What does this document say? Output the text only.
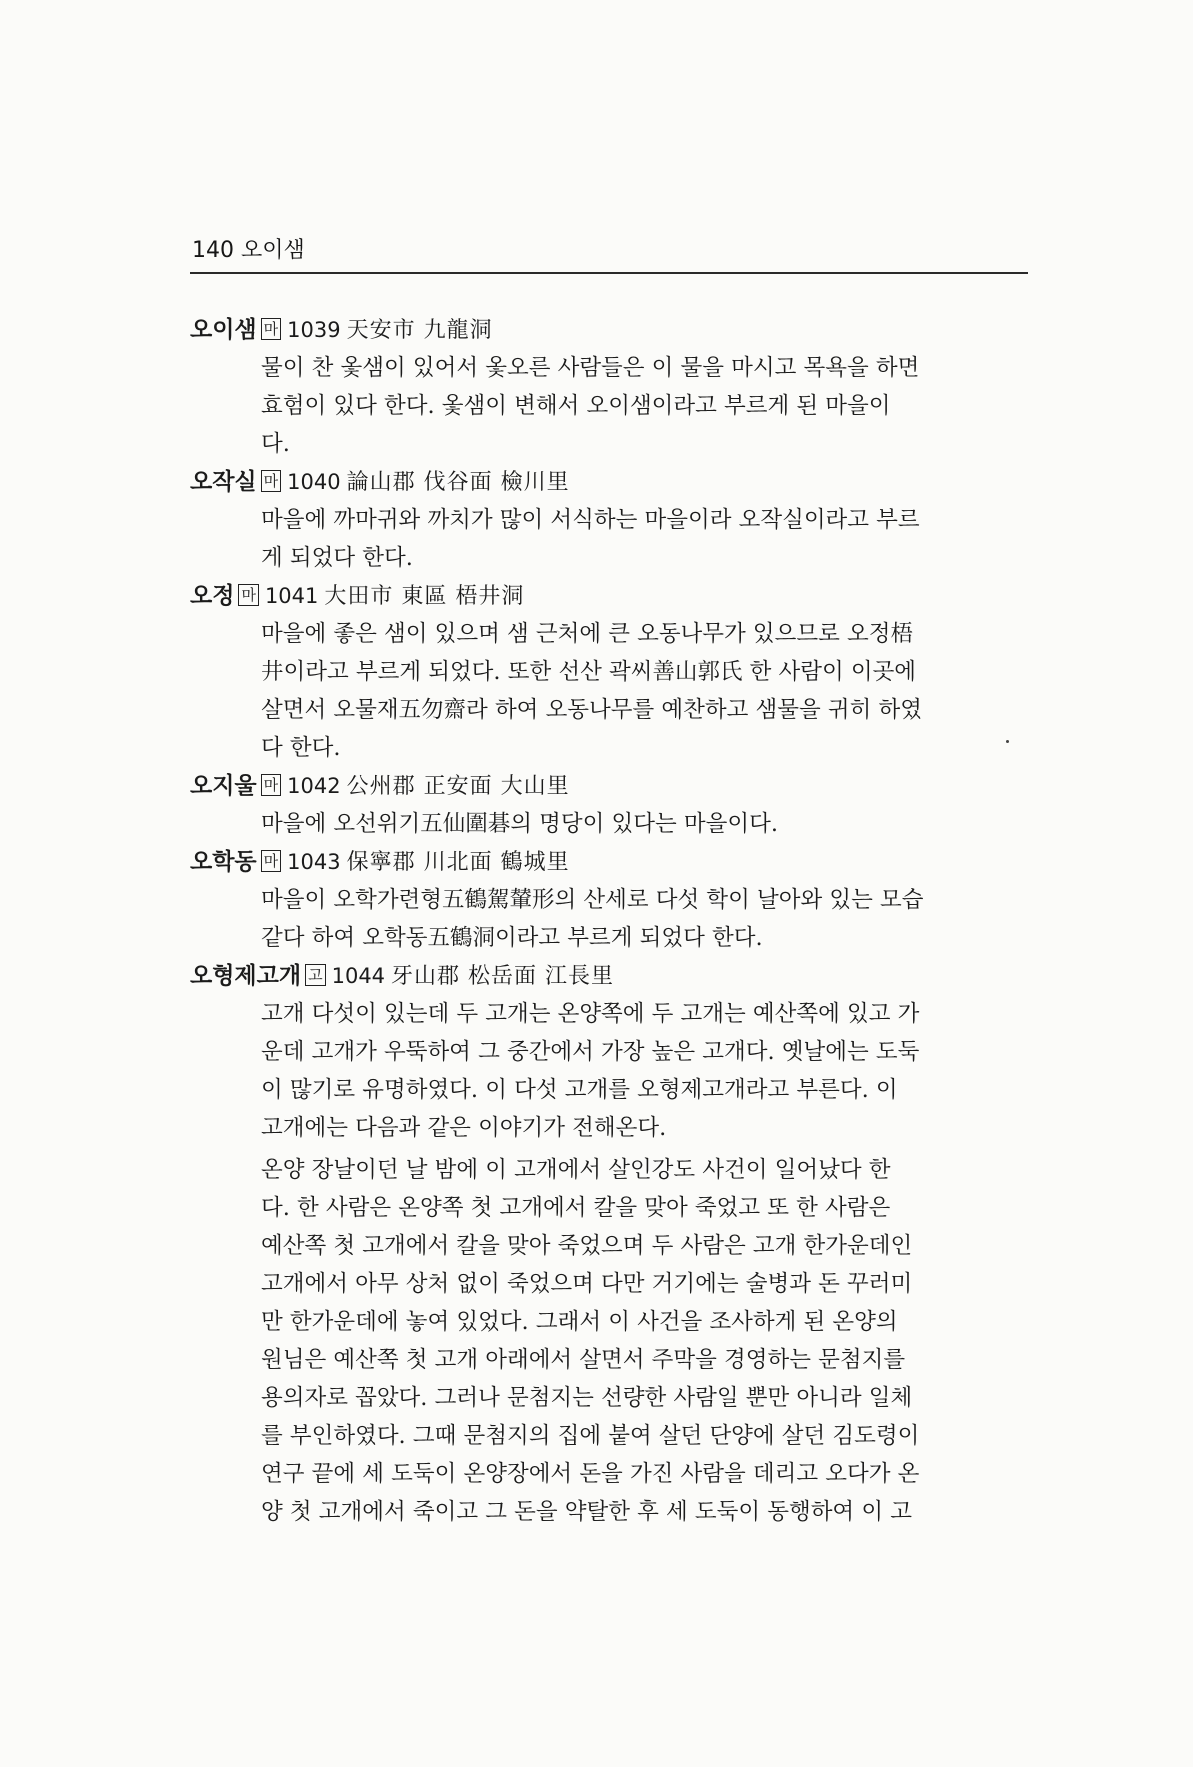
140 오이샘
오이샘 마 1039 天安市 九龍洞
물이 찬 옻샘이 있어서 옻오른 사람들은 이 물을 마시고 목욕을 하면
효험이 있다 한다. 옻샘이 변해서 오이샘이라고 부르게 된 마을이
다.
오작실 마 1040 論山郡 伐谷面 檢川里
마을에 까마귀와 까치가 많이 서식하는 마을이라 오작실이라고 부르
게 되었다 한다.
오정 마 1041 大田市 東區 梧井洞
마을에 좋은 샘이 있으며 샘 근처에 큰 오동나무가 있으므로 오정梧
井이라고 부르게 되었다. 또한 선산 곽씨善山郭氏 한 사람이 이곳에
살면서 오물재五勿齋라 하여 오동나무를 예찬하고 샘물을 귀히 하였
다 한다.
오지울 마 1042 公州郡 正安面 大山里
마을에 오선위기五仙圍碁의 명당이 있다는 마을이다.
오학동 마 1043 保寧郡 川北面 鶴城里
마을이 오학가련형五鶴駕輦形의 산세로 다섯 학이 날아와 있는 모습
같다 하여 오학동五鶴洞이라고 부르게 되었다 한다.
오형제고개 고 1044 牙山郡 松岳面 江長里
고개 다섯이 있는데 두 고개는 온양쪽에 두 고개는 예산쪽에 있고 가
운데 고개가 우뚝하여 그 중간에서 가장 높은 고개다. 옛날에는 도둑
이 많기로 유명하였다. 이 다섯 고개를 오형제고개라고 부른다. 이
고개에는 다음과 같은 이야기가 전해온다.
온양 장날이던 날 밤에 이 고개에서 살인강도 사건이 일어났다 한
다. 한 사람은 온양쪽 첫 고개에서 칼을 맞아 죽었고 또 한 사람은
예산쪽 첫 고개에서 칼을 맞아 죽었으며 두 사람은 고개 한가운데인
고개에서 아무 상처 없이 죽었으며 다만 거기에는 술병과 돈 꾸러미
만 한가운데에 놓여 있었다. 그래서 이 사건을 조사하게 된 온양의
원님은 예산쪽 첫 고개 아래에서 살면서 주막을 경영하는 문첨지를
용의자로 꼽았다. 그러나 문첨지는 선량한 사람일 뿐만 아니라 일체
를 부인하였다. 그때 문첨지의 집에 붙여 살던 단양에 살던 김도령이
연구 끝에 세 도둑이 온양장에서 돈을 가진 사람을 데리고 오다가 온
양 첫 고개에서 죽이고 그 돈을 약탈한 후 세 도둑이 동행하여 이 고
